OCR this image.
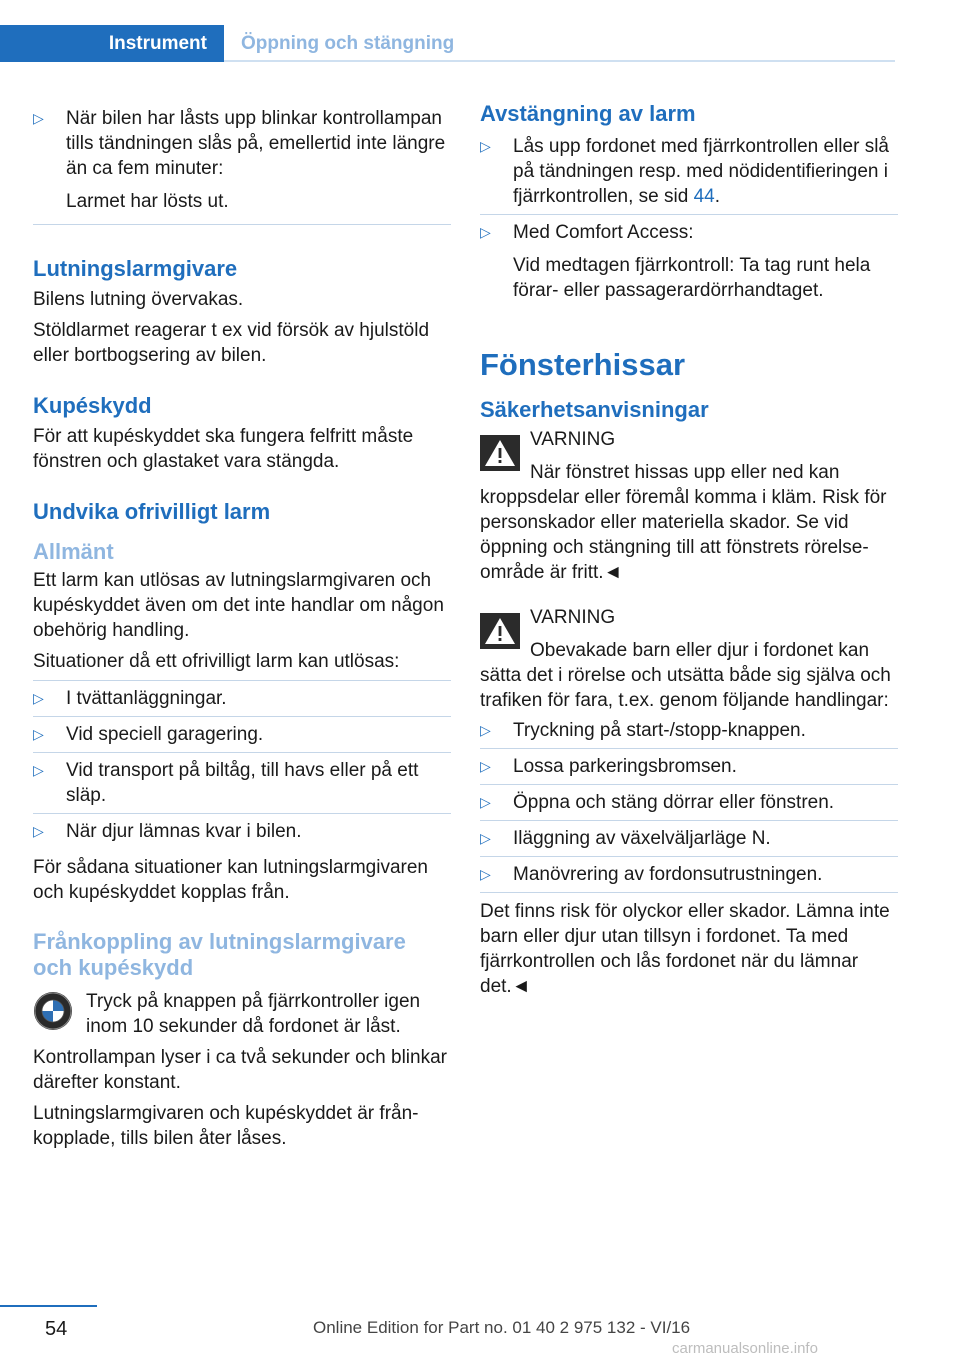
Instrument	Öppning och stängning
▷	När bilen har låsts upp blinkar kontrollampan tills tändningen slås på, emellertid inte längre än ca fem minuter:

Larmet har lösts ut.

Lutningslarmgivare

Bilens lutning övervakas.

Stöldlarmet reagerar t ex vid försök av hjulstöld eller bortbogsering av bilen.

Kupéskydd

För att kupéskyddet ska fungera felfritt måste fönstren och glastaket vara stängda.

Undvika ofrivilligt larm
Allmänt

Ett larm kan utlösas av lutningslarmgivaren och kupéskyddet även om det inte handlar om någon obehörig handling.

Situationer då ett ofrivilligt larm kan utlösas:

▷	I tvättanläggningar.
▷	Vid speciell garagering.
▷	Vid transport på biltåg, till havs eller på ett släp.
▷	När djur lämnas kvar i bilen.

För sådana situationer kan lutningslarmgivaren och kupéskyddet kopplas från.

Frånkoppling av lutningslarmgivare och kupéskydd
Tryck på knappen på fjärrkontroller igen inom 10 sekunder då fordonet är låst.

Kontrollampan lyser i ca två sekunder och blinkar därefter konstant.

Lutningslarmgivaren och kupéskyddet är frånkopplade, tills bilen åter låses.

Avstängning av larm
▷	Lås upp fordonet med fjärrkontrollen eller slå på tändningen resp. med nödidentifieringen i fjärrkontrollen, se sid 44.

▷	Med Comfort Access:

Vid medtagen fjärrkontroll: Ta tag runt hela förar- eller passagerardörrhandtaget.

Fönsterhissar
Säkerhetsanvisningar
VARNING
När fönstret hissas upp eller ned kan

kroppsdelar eller föremål komma i kläm. Risk för personskador eller materiella skador. Se vid öppning och stängning till att fönstrets rörelseområde är fritt.◄

VARNING
Obevakade barn eller djur i fordonet kan

sätta det i rörelse och utsätta både sig själva och trafiken för fara, t.ex. genom följande handlingar:

▷	Tryckning på start-/stopp-knappen.
▷	Lossa parkeringsbromsen.
▷	Öppna och stäng dörrar eller fönstren.
▷	Iläggning av växelväljarläge N.
▷	Manövrering av fordonsutrustningen.

Det finns risk för olyckor eller skador. Lämna inte barn eller djur utan tillsyn i fordonet. Ta med fjärrkontrollen och lås fordonet när du lämnar det.◄

54	Online Edition for Part no. 01 40 2 975 132 - VI/16
carmanualsonline.info
